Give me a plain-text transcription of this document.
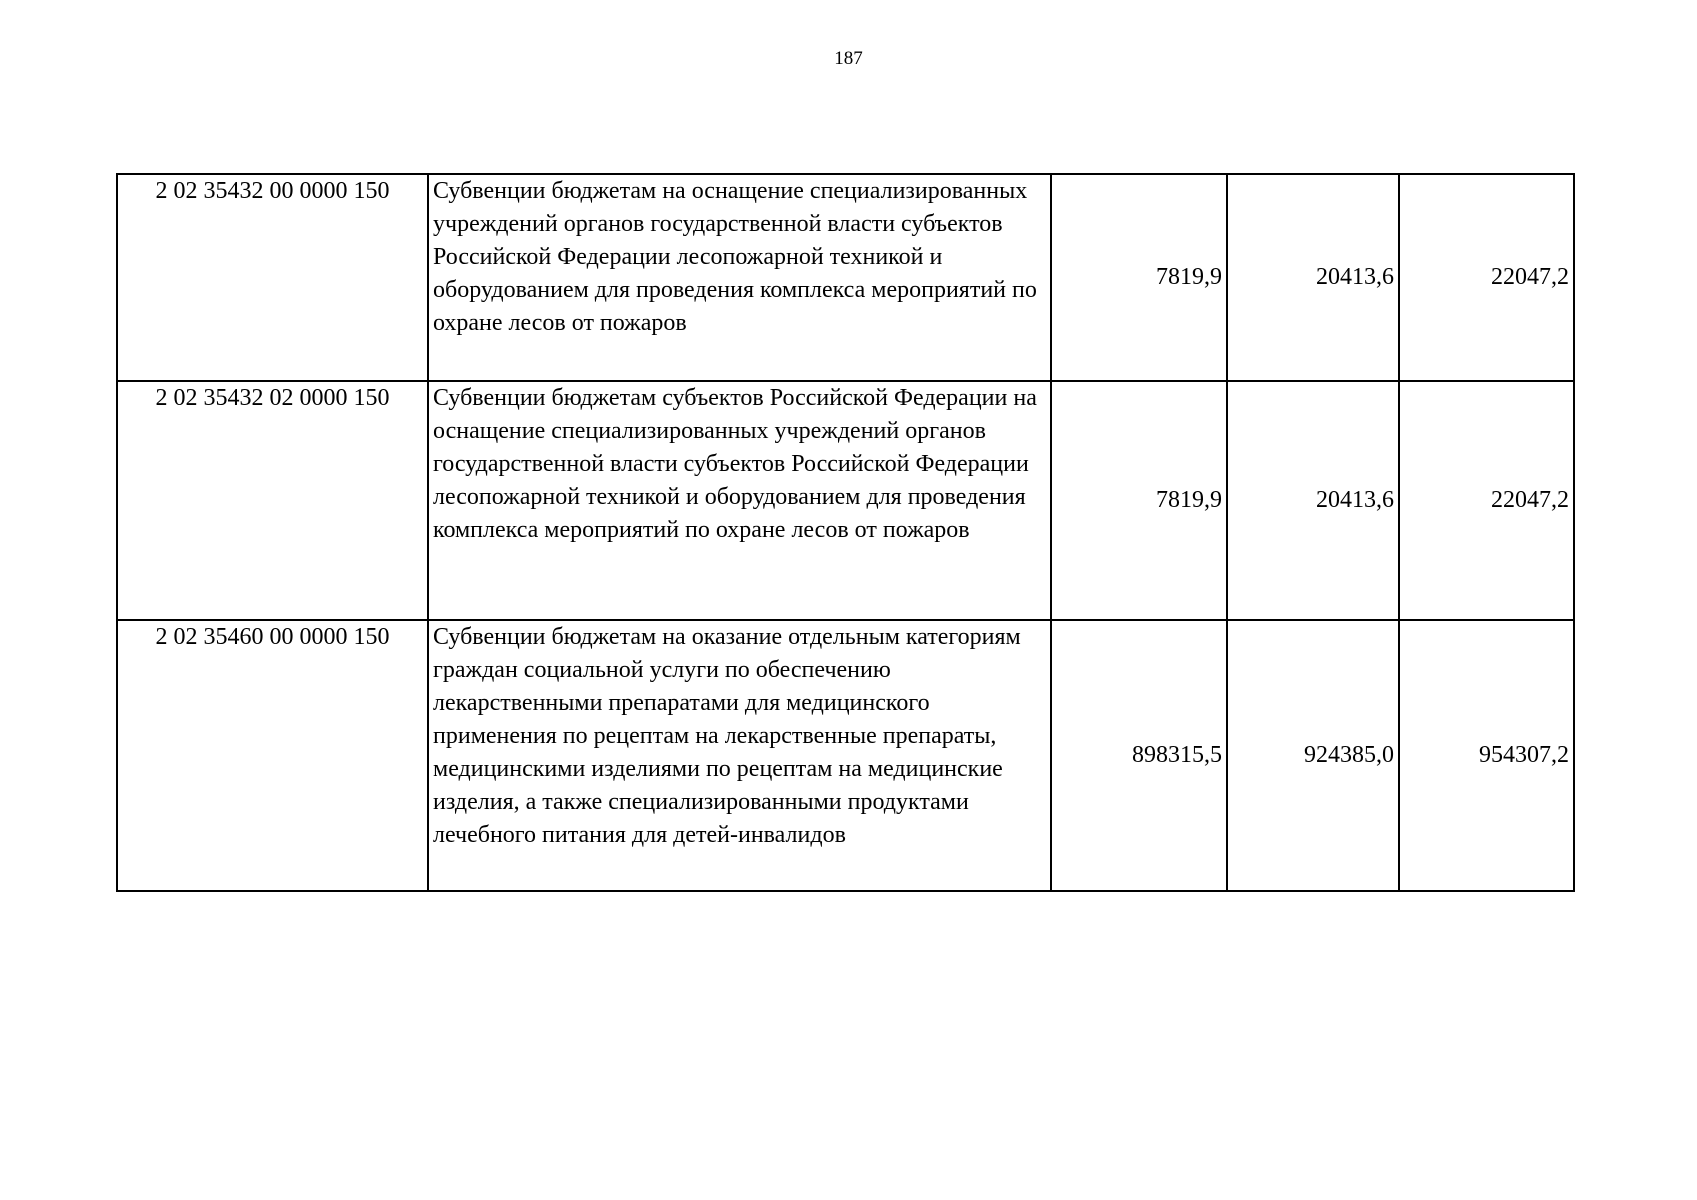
187
2 02 35432 00 0000 150	Субвенции бюджетам на оснащение специализированных учреждений органов государственной власти субъектов Российской Федерации лесопожарной техникой и оборудованием для проведения комплекса мероприятий по охране лесов от пожаров	7819,9	20413,6	22047,2
2 02 35432 02 0000 150	Субвенции бюджетам субъектов Российской Федерации на оснащение специализированных учреждений органов государственной власти субъектов Российской Федерации лесопожарной техникой и оборудованием для проведения комплекса мероприятий по охране лесов от пожаров	7819,9	20413,6	22047,2
2 02 35460 00 0000 150	Субвенции бюджетам на оказание отдельным категориям граждан социальной услуги по обеспечению лекарственными препаратами для медицинского применения по рецептам на лекарственные препараты, медицинскими изделиями по рецептам на медицинские изделия, а также специализированными продуктами лечебного питания для детей-инвалидов	898315,5	924385,0	954307,2
